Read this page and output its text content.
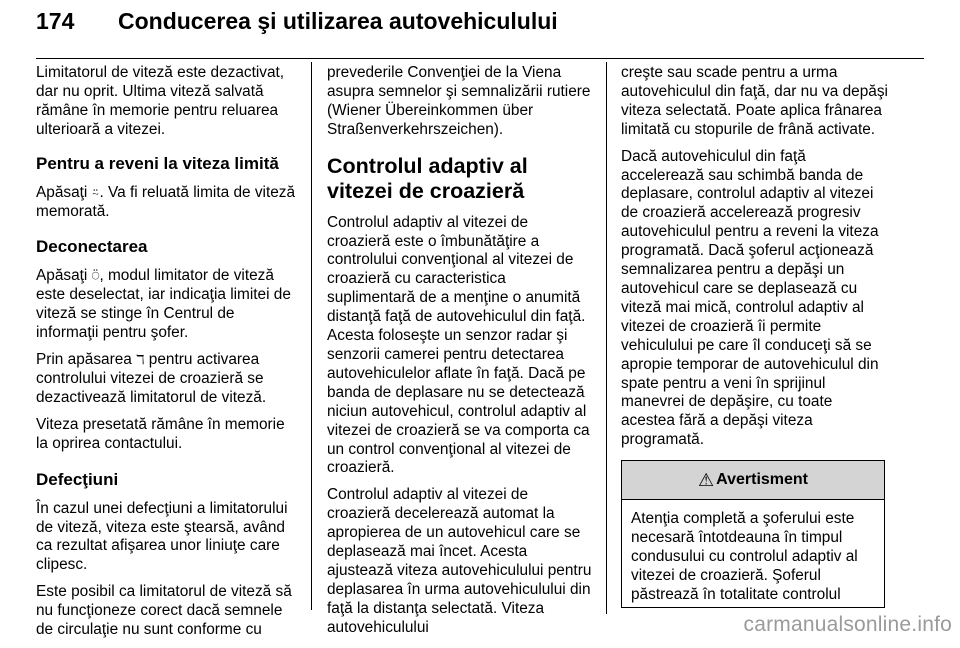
174 Conducerea şi utilizarea autovehiculului

Limitatorul de viteză este dezactivat, dar nu oprit. Ultima viteză salvată rămâne în memorie pentru reluarea ulterioară a vitezei.

Pentru a reveni la viteza limită

Apăsaţi ⍨. Va fi reluată limita de viteză memorată.

Deconectarea

Apăsaţi ⍥, modul limitator de viteză este deselectat, iar indicaţia limitei de viteză se stinge în Centrul de informaţii pentru şofer.

Prin apăsarea ℸ pentru activarea controlului vitezei de croazieră se dezactivează limitatorul de viteză.

Viteza presetată rămâne în memorie la oprirea contactului.

Defecţiuni

În cazul unei defecţiuni a limitatorului de viteză, viteza este ştearsă, având ca rezultat afişarea unor liniuţe care clipesc.

Este posibil ca limitatorul de viteză să nu funcţioneze corect dacă semnele de circulaţie nu sunt conforme cu

prevederile Convenţiei de la Viena asupra semnelor şi semnalizării rutiere (Wiener Übereinkommen über Straßenverkehrszeichen).

Controlul adaptiv al vitezei de croazieră

Controlul adaptiv al vitezei de croazieră este o îmbunătăţire a controlului convenţional al vitezei de croazieră cu caracteristica suplimentară de a menţine o anumită distanţă faţă de autovehiculul din faţă. Acesta foloseşte un senzor radar şi senzorii camerei pentru detectarea autovehiculelor aflate în faţă. Dacă pe banda de deplasare nu se detectează niciun autovehicul, controlul adaptiv al vitezei de croazieră se va comporta ca un control convenţional al vitezei de croazieră.

Controlul adaptiv al vitezei de croazieră decelerează automat la apropierea de un autovehicul care se deplasează mai încet. Acesta ajustează viteza autovehiculului pentru deplasarea în urma autovehiculului din faţă la distanţa selectată. Viteza autovehiculului

creşte sau scade pentru a urma autovehiculul din faţă, dar nu va depăşi viteza selectată. Poate aplica frânarea limitată cu stopurile de frână activate.

Dacă autovehiculul din faţă accelerează sau schimbă banda de deplasare, controlul adaptiv al vitezei de croazieră accelerează progresiv autovehiculul pentru a reveni la viteza programată. Dacă şoferul acţionează semnalizarea pentru a depăşi un autovehicul care se deplasează cu viteză mai mică, controlul adaptiv al vitezei de croazieră îi permite vehiculului pe care îl conduceţi să se apropie temporar de autovehiculul din spate pentru a veni în sprijinul manevrei de depăşire, cu toate acestea fără a depăşi viteza programată.

⚠ Avertisment
Atenţia completă a şoferului este necesară întotdeauna în timpul condusului cu controlul adaptiv al vitezei de croazieră. Şoferul păstrează în totalitate controlul
carmanualsonline.info
